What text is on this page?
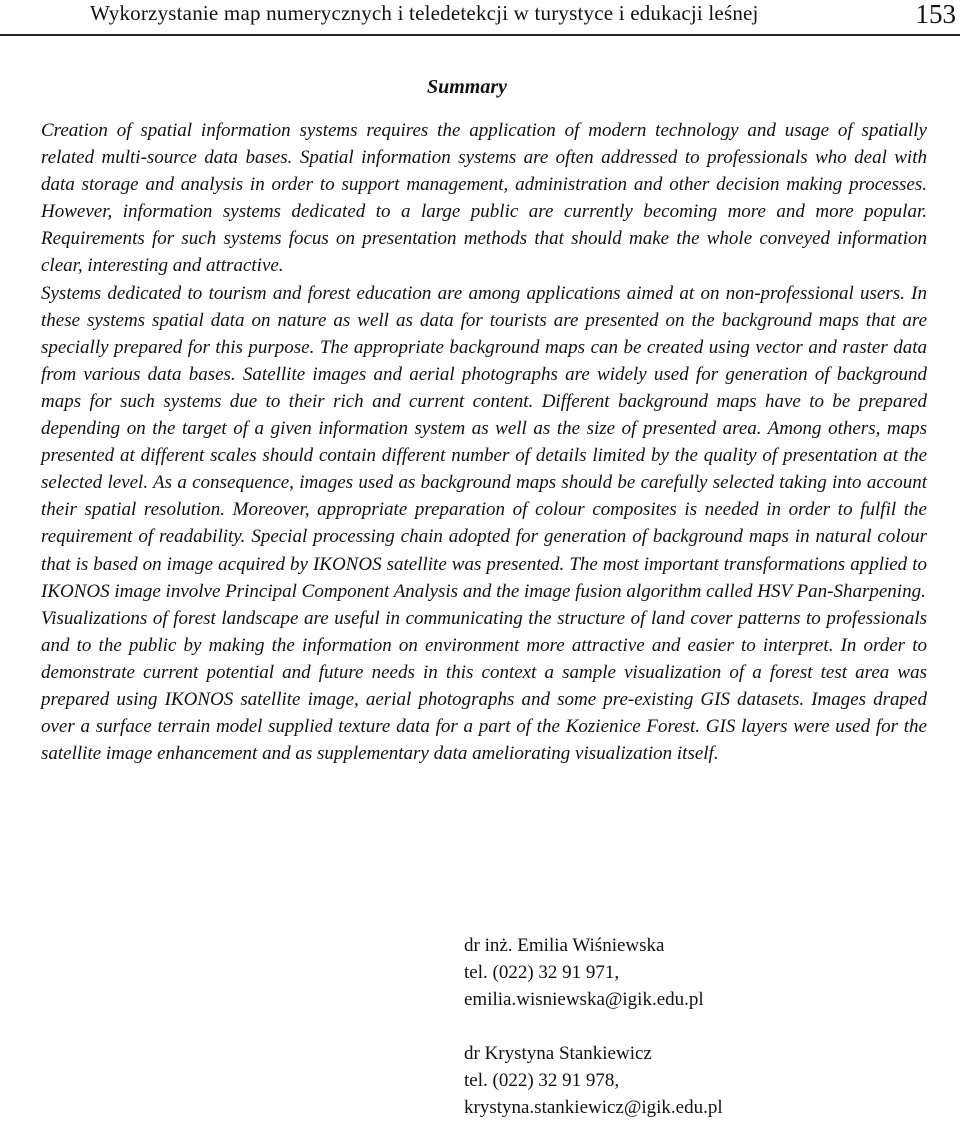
Wykorzystanie map numerycznych i teledetekcji w turystyce i edukacji leśnej	153
Summary

Creation of spatial information systems requires the application of modern technology and usage of spatially related multi-source data bases. Spatial information systems are often addressed to professionals who deal with data storage and analysis in order to support management, administration and other decision making processes. However, information systems dedicated to a large public are currently becoming more and more popular. Requirements for such systems focus on presentation methods that should make the whole conveyed information clear, interesting and attractive.

Systems dedicated to tourism and forest education are among applications aimed at on non-professional users. In these systems spatial data on nature as well as data for tourists are presented on the background maps that are specially prepared for this purpose. The appropriate background maps can be created using vector and raster data from various data bases. Satellite images and aerial photographs are widely used for generation of background maps for such systems due to their rich and current content. Different background maps have to be prepared depending on the target of a given information system as well as the size of presented area. Among others, maps presented at different scales should contain different number of details limited by the quality of presentation at the selected level. As a consequence, images used as background maps should be carefully selected taking into account their spatial resolution. Moreover, appropriate preparation of colour composites is needed in order to fulfil the requirement of readability. Special processing chain adopted for generation of background maps in natural colour that is based on image acquired by IKONOS satellite was presented. The most important transformations applied to IKONOS image involve Principal Component Analysis and the image fusion algorithm called HSV Pan-Sharpening.

Visualizations of forest landscape are useful in communicating the structure of land cover patterns to professionals and to the public by making the information on environment more attractive and easier to interpret. In order to demonstrate current potential and future needs in this context a sample visualization of a forest test area was prepared using IKONOS satellite image, aerial photographs and some pre-existing GIS datasets. Images draped over a surface terrain model supplied texture data for a part of the Kozienice Forest. GIS layers were used for the satellite image enhancement and as supplementary data ameliorating visualization itself.

dr inż. Emilia Wiśniewska
tel. (022) 32 91 971,
emilia.wisniewska@igik.edu.pl
dr Krystyna Stankiewicz
tel. (022) 32 91 978,
krystyna.stankiewicz@igik.edu.pl
